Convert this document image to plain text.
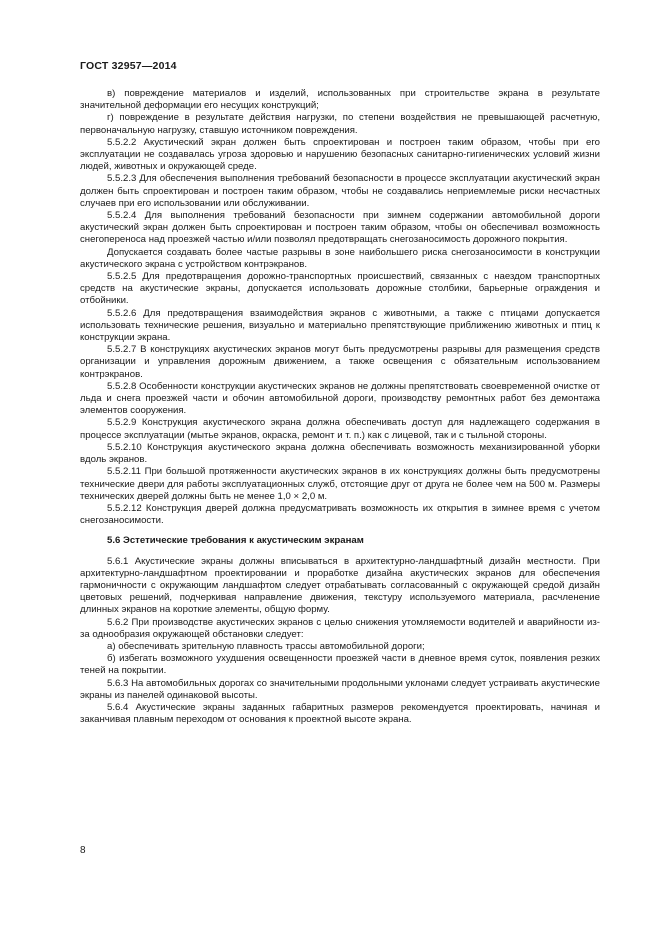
ГОСТ 32957—2014

в) повреждение материалов и изделий, использованных при строительстве экрана в результате значительной деформации его несущих конструкций;

г) повреждение в результате действия нагрузки, по степени воздействия не превышающей расчетную, первоначальную нагрузку, ставшую источником повреждения.

5.5.2.2 Акустический экран должен быть спроектирован и построен таким образом, чтобы при его эксплуатации не создавалась угроза здоровью и нарушению безопасных санитарно-гигиенических условий жизни людей, животных и окружающей среде.

5.5.2.3 Для обеспечения выполнения требований безопасности в процессе эксплуатации акустический экран должен быть спроектирован и построен таким образом, чтобы не создавались неприемлемые риски несчастных случаев при его использовании или обслуживании.

5.5.2.4 Для выполнения требований безопасности при зимнем содержании автомобильной дороги акустический экран должен быть спроектирован и построен таким образом, чтобы он обеспечивал возможность снегопереноса над проезжей частью и/или позволял предотвращать снегозаносимость дорожного покрытия.

Допускается создавать более частые разрывы в зоне наибольшего риска снегозаносимости в конструкции акустического экрана с устройством контрэкранов.

5.5.2.5 Для предотвращения дорожно-транспортных происшествий, связанных с наездом транспортных средств на акустические экраны, допускается использовать дорожные столбики, барьерные ограждения и отбойники.

5.5.2.6 Для предотвращения взаимодействия экранов с животными, а также с птицами допускается использовать технические решения, визуально и материально препятствующие приближению животных и птиц к конструкции экрана.

5.5.2.7 В конструкциях акустических экранов могут быть предусмотрены разрывы для размещения средств организации и управления дорожным движением, а также освещения с обязательным использованием контрэкранов.

5.5.2.8 Особенности конструкции акустических экранов не должны препятствовать своевременной очистке от льда и снега проезжей части и обочин автомобильной дороги, производству ремонтных работ без демонтажа элементов сооружения.

5.5.2.9 Конструкция акустического экрана должна обеспечивать доступ для надлежащего содержания в процессе эксплуатации (мытье экранов, окраска, ремонт и т. п.) как с лицевой, так и с тыльной стороны.

5.5.2.10 Конструкция акустического экрана должна обеспечивать возможность механизированной уборки вдоль экранов.

5.5.2.11 При большой протяженности акустических экранов в их конструкциях должны быть предусмотрены технические двери для работы эксплуатационных служб, отстоящие друг от друга не более чем на 500 м. Размеры технических дверей должны быть не менее 1,0 × 2,0 м.

5.5.2.12 Конструкция дверей должна предусматривать возможность их открытия в зимнее время с учетом снегозаносимости.

5.6 Эстетические требования к акустическим экранам

5.6.1 Акустические экраны должны вписываться в архитектурно-ландшафтный дизайн местности. При архитектурно-ландшафтном проектировании и проработке дизайна акустических экранов для обеспечения гармоничности с окружающим ландшафтом следует отрабатывать согласованный с окружающей средой дизайн цветовых решений, подчеркивая направление движения, текстуру используемого материала, расчленение длинных экранов на короткие элементы, общую форму.

5.6.2 При производстве акустических экранов с целью снижения утомляемости водителей и аварийности из-за однообразия окружающей обстановки следует:

а) обеспечивать зрительную плавность трассы автомобильной дороги;

б) избегать возможного ухудшения освещенности проезжей части в дневное время суток, появления резких теней на покрытии.

5.6.3 На автомобильных дорогах со значительными продольными уклонами следует устраивать акустические экраны из панелей одинаковой высоты.

5.6.4 Акустические экраны заданных габаритных размеров рекомендуется проектировать, начиная и заканчивая плавным переходом от основания к проектной высоте экрана.

8
